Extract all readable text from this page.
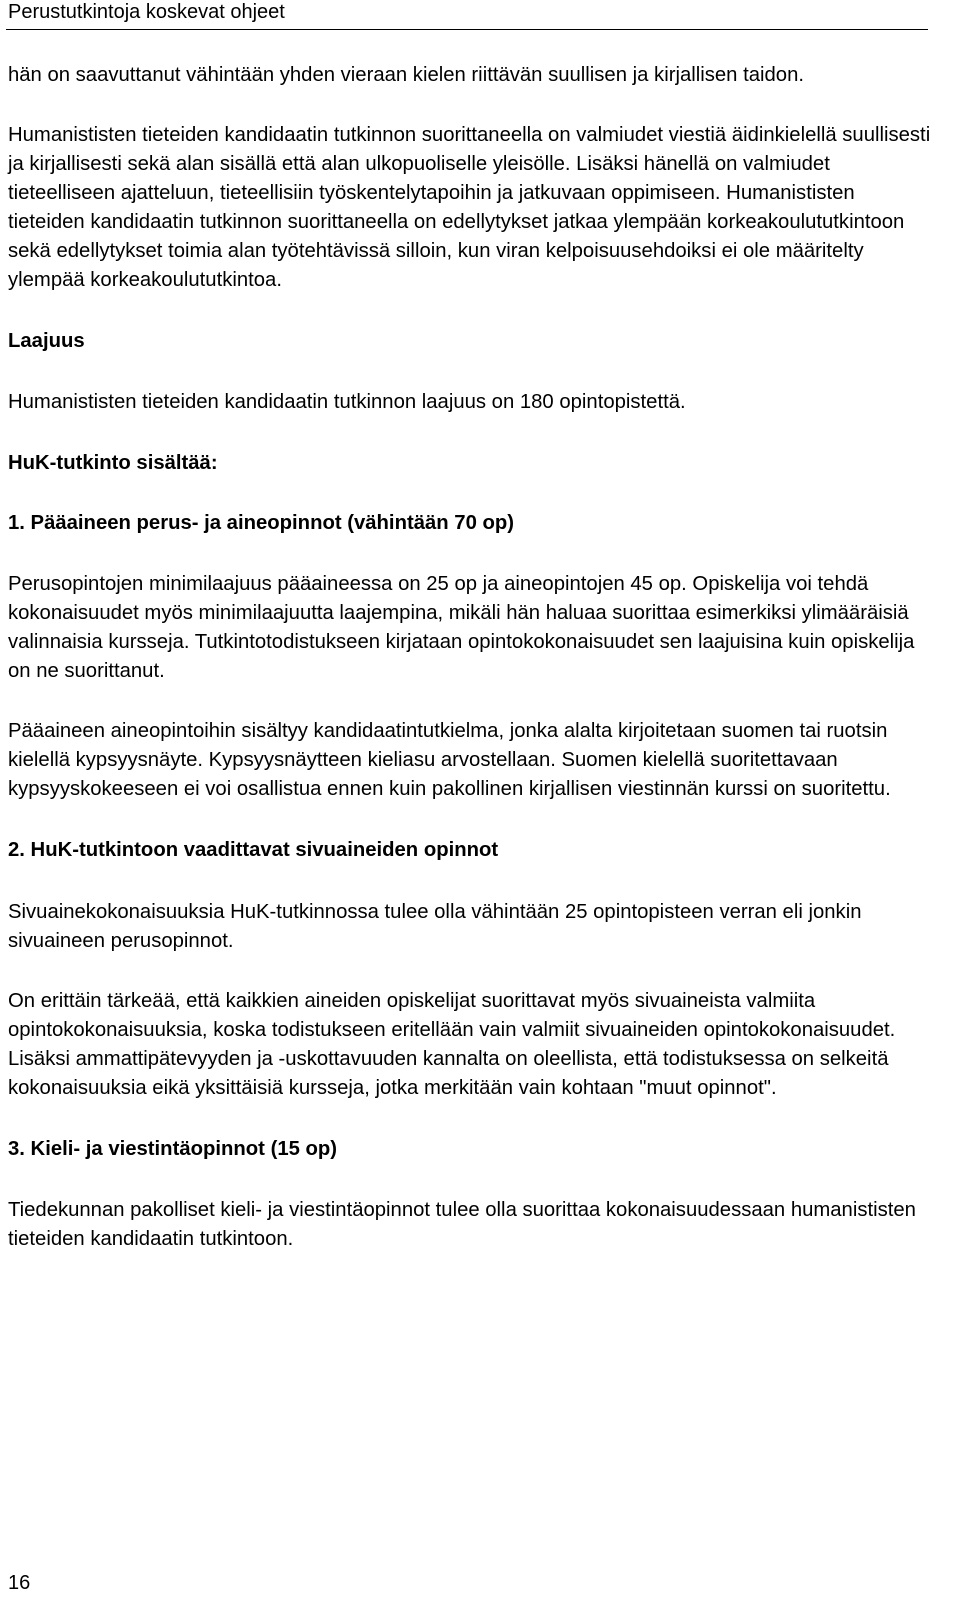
Perustutkintoja koskevat ohjeet

hän on saavuttanut vähintään yhden vieraan kielen riittävän suullisen ja kirjallisen taidon.

Humanististen tieteiden kandidaatin tutkinnon suorittaneella on valmiudet viestiä äidinkielellä suullisesti ja kirjallisesti sekä alan sisällä että alan ulkopuoliselle yleisölle. Lisäksi hänellä on valmiudet tieteelliseen ajatteluun, tieteellisiin työskentelytapoihin ja jatkuvaan oppimiseen. Humanististen tieteiden kandidaatin tutkinnon suorittaneella on edellytykset jatkaa ylempään korkeakoulututkintoon sekä edellytykset toimia alan työtehtävissä silloin, kun viran kelpoisuusehdoiksi ei ole määritelty ylempää korkeakoulututkintoa.

Laajuus

Humanististen tieteiden kandidaatin tutkinnon laajuus on 180 opintopistettä.

HuK-tutkinto sisältää:

1. Pääaineen perus- ja aineopinnot (vähintään 70 op)

Perusopintojen minimilaajuus pääaineessa on 25 op ja aineopintojen 45 op. Opiskelija voi tehdä kokonaisuudet myös minimilaajuutta laajempina, mikäli hän haluaa suorittaa esimerkiksi ylimääräisiä valinnaisia kursseja. Tutkintotodistukseen kirjataan opintokokonaisuudet sen laajuisina kuin opiskelija on ne suorittanut.

Pääaineen aineopintoihin sisältyy kandidaatintutkielma, jonka alalta kirjoitetaan suomen tai ruotsin kielellä kypsyysnäyte. Kypsyysnäytteen kieliasu arvostellaan. Suomen kielellä suoritettavaan kypsyyskokeeseen ei voi osallistua ennen kuin pakollinen kirjallisen viestinnän kurssi on suoritettu.

2. HuK-tutkintoon vaadittavat sivuaineiden opinnot

Sivuainekokonaisuuksia HuK-tutkinnossa tulee olla vähintään 25 opintopisteen verran eli jonkin sivuaineen perusopinnot.

On erittäin tärkeää, että kaikkien aineiden opiskelijat suorittavat myös sivuaineista valmiita opintokokonaisuuksia, koska todistukseen eritellään vain valmiit sivuaineiden opintokokonaisuudet. Lisäksi ammattipätevyyden ja -uskottavuuden kannalta on oleellista, että todistuksessa on selkeitä kokonaisuuksia eikä yksittäisiä kursseja, jotka merkitään vain kohtaan "muut opinnot".

3. Kieli- ja viestintäopinnot (15 op)

Tiedekunnan pakolliset kieli- ja viestintäopinnot tulee olla suorittaa kokonaisuudessaan humanististen tieteiden kandidaatin tutkintoon.

16
